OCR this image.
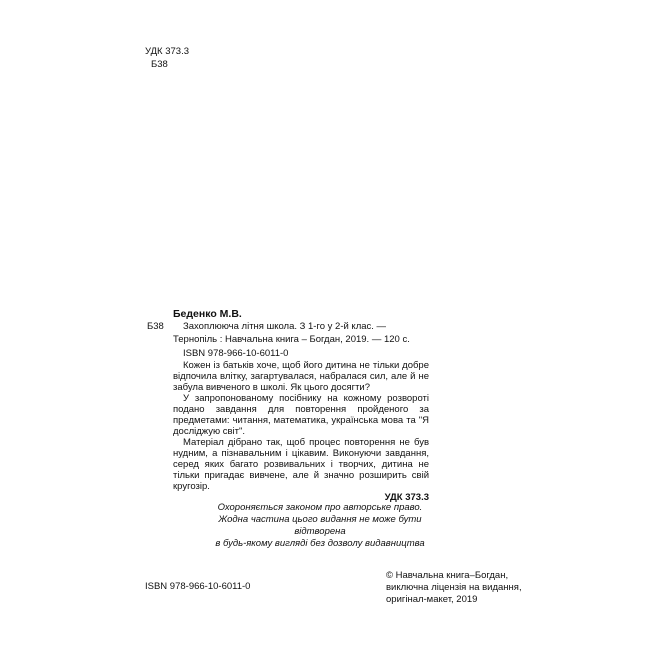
УДК 373.3
Б38
Беденко М.В.
Б38 Захоплююча літня школа. З 1-го у 2-й клас. —
Тернопіль : Навчальна книга – Богдан, 2019. — 120 с.
ISBN 978-966-10-6011-0
Кожен із батьків хоче, щоб його дитина не тільки добре відпочила влітку, загартувалася, набралася сил, але й не забула вивченого в школі. Як цього досягти?
У запропонованому посібнику на кожному розвороті подано завдання для повторення пройденого за предметами: читання, математика, українська мова та "Я досліджую світ".
Матеріал дібрано так, щоб процес повторення не був нудним, а пізнавальним і цікавим. Виконуючи завдання, серед яких багато розвивальних і творчих, дитина не тільки пригадає вивчене, але й значно розширить свій кругозір.
УДК 373.3
Охороняється законом про авторське право.
Жодна частина цього видання не може бути відтворена
в будь-якому вигляді без дозволу видавництва
ISBN 978-966-10-6011-0
© Навчальна книга–Богдан,
виключна ліцензія на видання,
оригінал-макет, 2019
